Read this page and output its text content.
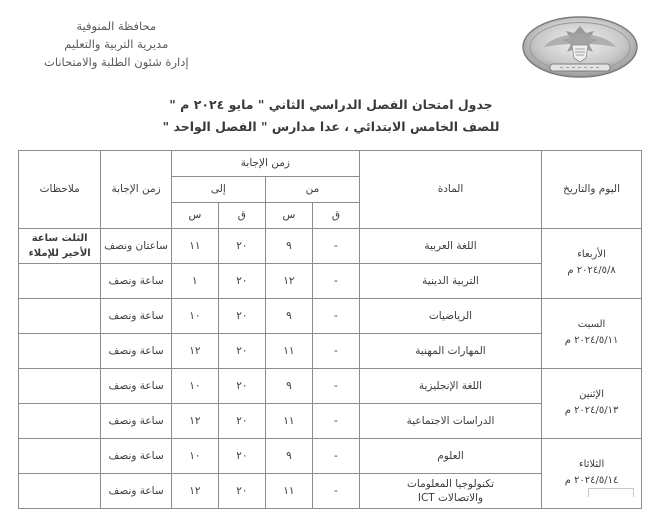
محافظة المنوفية
مديرية التربية والتعليم
إدارة شئون الطلبة والامتحانات
جدول امتحان الفصل الدراسي الثاني " مايو ٢٠٢٤ م "
للصف الخامس الابتدائي ، عدا مدارس " الفصل الواحد "
اليوم والتاريخ	المادة	زمن الإجابة				زمن الإجابة	ملاحظات
		من		إلى			
		ق	س	ق	س		
الأربعاء
٢٠٢٤/٥/٨ م	اللغة العربية	-	٩	٢٠	١١	ساعتان ونصف	الثلث ساعة
الأخير للإملاء

	التربية الدينية	-	١٢	٢٠	١	ساعة ونصف	
السبت
٢٠٢٤/٥/١١ م	الرياضيات	-	٩	٢٠	١٠	ساعة ونصف	
	المهارات المهنية	-	١١	٢٠	١٢	ساعة ونصف	
الإثنين
٢٠٢٤/٥/١٣ م	اللغة الإنجليزية	-	٩	٢٠	١٠	ساعة ونصف	
	الدراسات الاجتماعية	-	١١	٢٠	١٢	ساعة ونصف	
الثلاثاء
٢٠٢٤/٥/١٤ م	العلوم	-	٩	٢٠	١٠	ساعة ونصف	
	تكنولوجيا المعلومات
والاتصالات ICT	-	١١	٢٠	١٢	ساعة ونصف	
